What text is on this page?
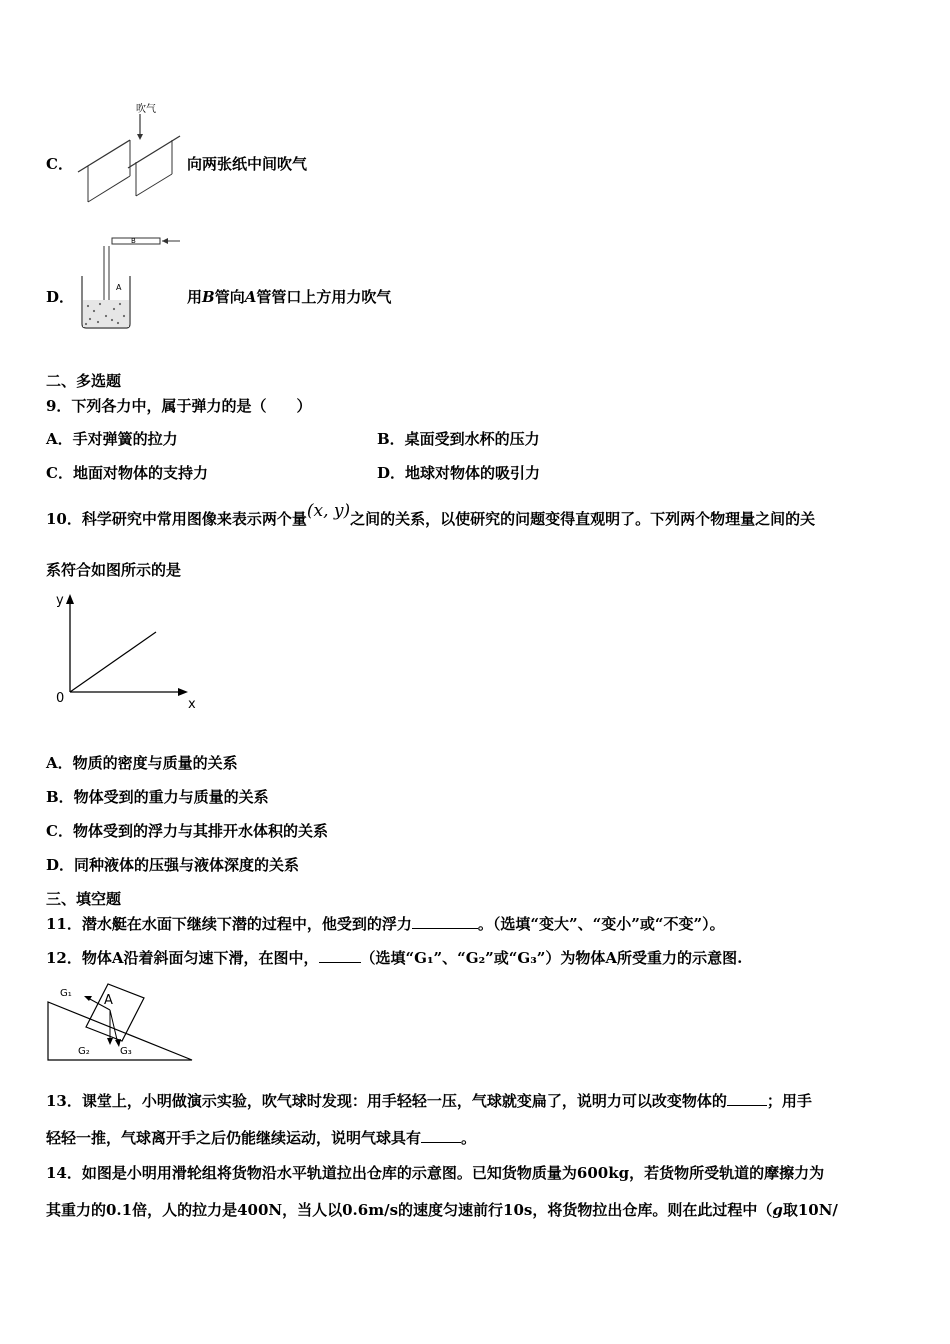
C．
吹气
向两张纸中间吹气
D．
B
A
用B管向A管管口上方用力吹气
二、多选题
9．下列各力中，属于弹力的是（　　）
A．手对弹簧的拉力	B．桌面受到水杯的压力
C．地面对物体的支持力	D．地球对物体的吸引力
10．科学研究中常用图像来表示两个量(x, y)之间的关系，以使研究的问题变得直观明了。下列两个物理量之间的关
系符合如图所示的是
y
x
0
A．物质的密度与质量的关系
B．物体受到的重力与质量的关系
C．物体受到的浮力与其排开水体积的关系
D．同种液体的压强与液体深度的关系
三、填空题
11．潜水艇在水面下继续下潜的过程中，他受到的浮力	。（选填“变大”、“变小”或“不变”）。
12．物体A沿着斜面匀速下滑，在图中，	（选填“G₁”、“G₂”或“G₃”）为物体A所受重力的示意图.
A
G₁
G₂	G₃
13．课堂上，小明做演示实验，吹气球时发现：用手轻轻一压，气球就变扁了，说明力可以改变物体的	；用手
轻轻一推，气球离开手之后仍能继续运动，说明气球具有	。
14．如图是小明用滑轮组将货物沿水平轨道拉出仓库的示意图。已知货物质量为600kg，若货物所受轨道的摩擦力为
其重力的0.1倍，人的拉力是400N，当人以0.6m/s的速度匀速前行10s，将货物拉出仓库。则在此过程中（g取10N/
